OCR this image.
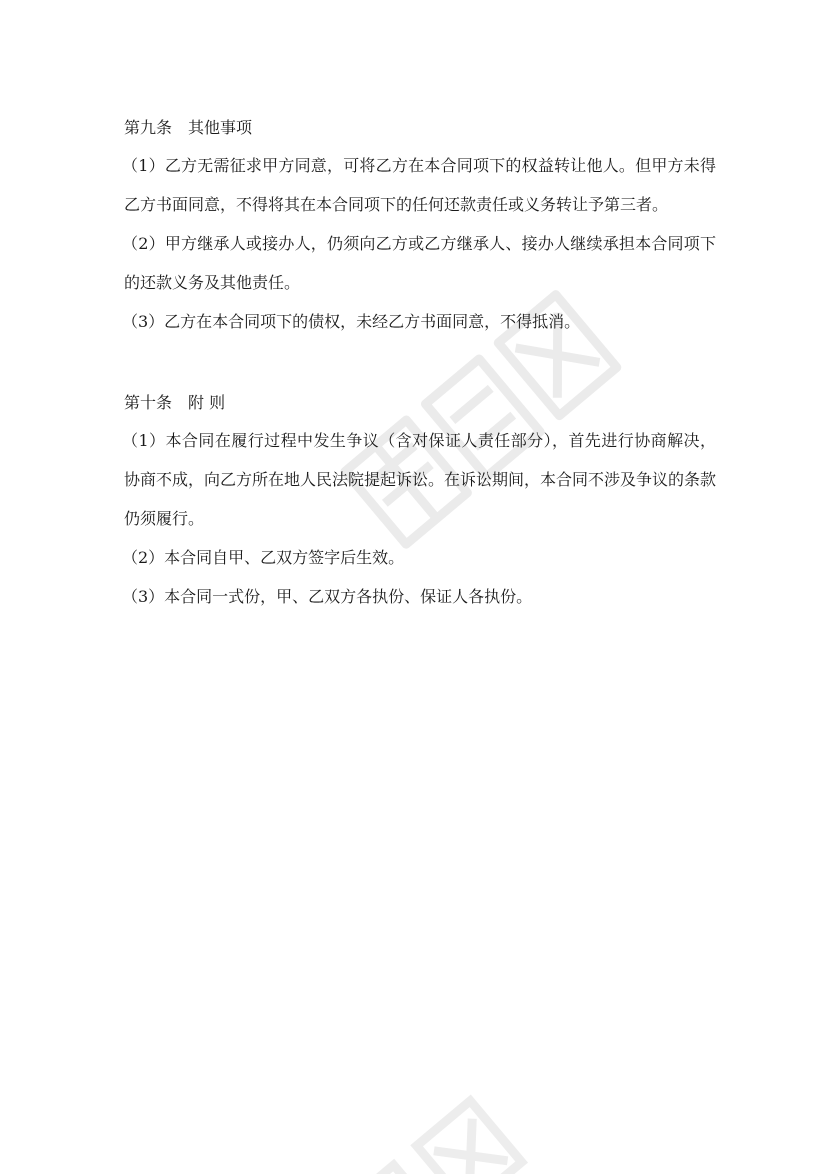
第九条 其他事项

（1）乙方无需征求甲方同意，可将乙方在本合同项下的权益转让他人。但甲方未得乙方书面同意，不得将其在本合同项下的任何还款责任或义务转让予第三者。

（2）甲方继承人或接办人，仍须向乙方或乙方继承人、接办人继续承担本合同项下的还款义务及其他责任。

（3）乙方在本合同项下的债权，未经乙方书面同意，不得抵消。

第十条 附 则

（1）本合同在履行过程中发生争议（含对保证人责任部分），首先进行协商解决，协商不成，向乙方所在地人民法院提起诉讼。在诉讼期间，本合同不涉及争议的条款仍须履行。

（2）本合同自甲、乙双方签字后生效。

（3）本合同一式份，甲、乙双方各执份、保证人各执份。
